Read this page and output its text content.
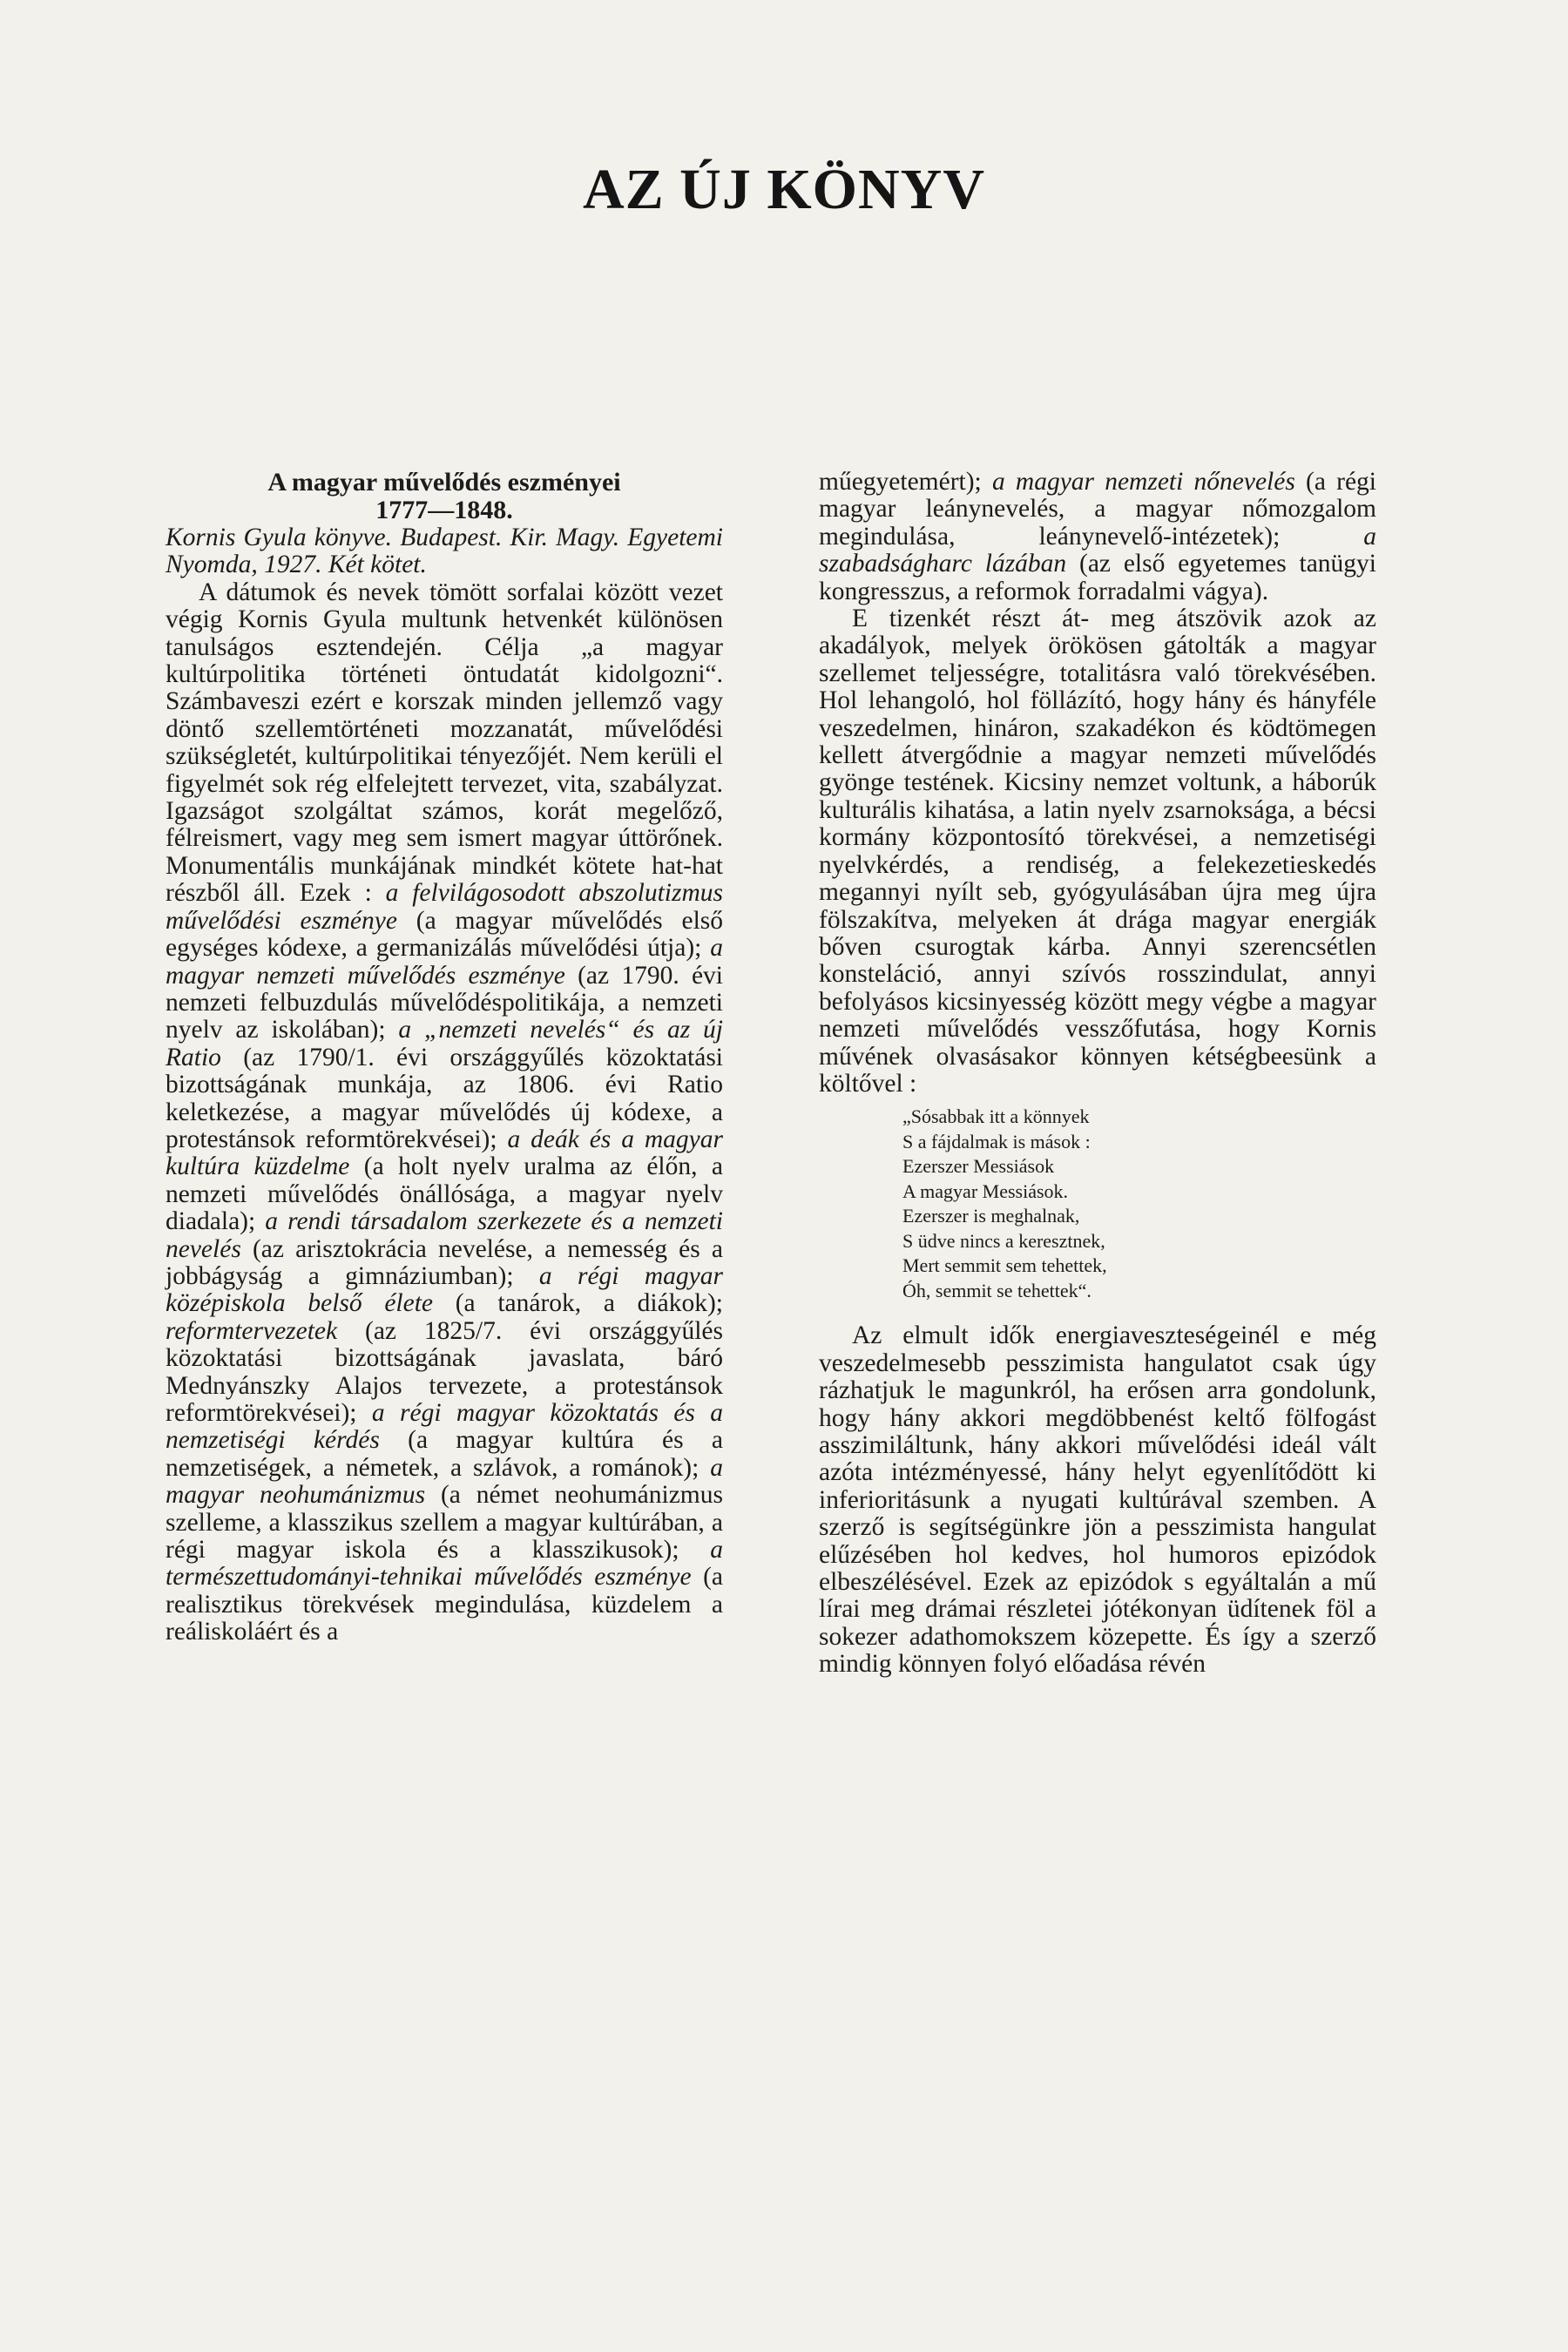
AZ ÚJ KÖNYV
A magyar művelődés eszményei
1777—1848.

Kornis Gyula könyve. Budapest. Kir. Magy. Egyetemi Nyomda, 1927. Két kötet.

A dátumok és nevek tömött sorfalai között vezet végig Kornis Gyula multunk hetvenkét különösen tanulságos esztendején. Célja „a magyar kultúrpolitika történeti öntudatát kidolgozni“. Számbaveszi ezért e korszak minden jellemző vagy döntő szellemtörténeti mozzanatát, művelődési szükségletét, kultúrpolitikai tényezőjét. Nem kerüli el figyelmét sok rég elfelejtett tervezet, vita, szabályzat. Igazságot szolgáltat számos, korát megelőző, félreismert, vagy meg sem ismert magyar úttörőnek. Monumentális munkájának mindkét kötete hat-hat részből áll. Ezek : a felvilágosodott abszolutizmus művelődési eszménye (a magyar művelődés első egységes kódexe, a germanizálás művelődési útja); a magyar nemzeti művelődés eszménye (az 1790. évi nemzeti felbuzdulás művelődéspolitikája, a nemzeti nyelv az iskolában); a „nemzeti nevelés“ és az új Ratio (az 1790/1. évi országgyűlés közoktatási bizottságának munkája, az 1806. évi Ratio keletkezése, a magyar művelődés új kódexe, a protestánsok reformtörekvései); a deák és a magyar kultúra küzdelme (a holt nyelv uralma az élőn, a nemzeti művelődés önállósága, a magyar nyelv diadala); a rendi társadalom szerkezete és a nemzeti nevelés (az arisztokrácia nevelése, a nemesség és a jobbágyság a gimnáziumban); a régi magyar középiskola belső élete (a tanárok, a diákok); reformtervezetek (az 1825/7. évi országgyűlés közoktatási bizottságának javaslata, báró Mednyánszky Alajos tervezete, a protestánsok reformtörekvései); a régi magyar közoktatás és a nemzetiségi kérdés (a magyar kultúra és a nemzetiségek, a németek, a szlávok, a románok); a magyar neohumánizmus (a német neohumánizmus szelleme, a klasszikus szellem a magyar kultúrában, a régi magyar iskola és a klasszikusok); a természettudományi-tehnikai művelődés eszménye (a realisztikus törekvések megindulása, küzdelem a reáliskoláért és a

műegyetemért); a magyar nemzeti nőnevelés (a régi magyar leánynevelés, a magyar nőmozgalom megindulása, leánynevelő-intézetek); a szabadságharc lázában (az első egyetemes tanügyi kongresszus, a reformok forradalmi vágya).

E tizenkét részt át- meg átszövik azok az akadályok, melyek örökösen gátolták a magyar szellemet teljességre, totalitásra való törekvésében. Hol lehangoló, hol föllázító, hogy hány és hányféle veszedelmen, hináron, szakadékon és ködtömegen kellett átvergődnie a magyar nemzeti művelődés gyönge testének. Kicsiny nemzet voltunk, a háborúk kulturális kihatása, a latin nyelv zsarnoksága, a bécsi kormány központosító törekvései, a nemzetiségi nyelvkérdés, a rendiség, a felekezetieskedés megannyi nyílt seb, gyógyulásában újra meg újra fölszakítva, melyeken át drága magyar energiák bőven csurogtak kárba. Annyi szerencsétlen konsteláció, annyi szívós rosszindulat, annyi befolyásos kicsinyesség között megy végbe a magyar nemzeti művelődés vesszőfutása, hogy Kornis művének olvasásakor könnyen kétségbeesünk a költővel :

„Sósabbak itt a könnyek
S a fájdalmak is mások :
Ezerszer Messiások
A magyar Messiások.
Ezerszer is meghalnak,
S üdve nincs a keresztnek,
Mert semmit sem tehettek,
Óh, semmit se tehettek“.

Az elmult idők energiaveszteségeinél e még veszedelmesebb pesszimista hangulatot csak úgy rázhatjuk le magunkról, ha erősen arra gondolunk, hogy hány akkori megdöbbenést keltő fölfogást asszimiláltunk, hány akkori művelődési ideál vált azóta intézményessé, hány helyt egyenlítődött ki inferioritásunk a nyugati kultúrával szemben. A szerző is segítségünkre jön a pesszimista hangulat elűzésében hol kedves, hol humoros epizódok elbeszélésével. Ezek az epizódok s egyáltalán a mű lírai meg drámai részletei jótékonyan üdítenek föl a sokezer adathomokszem közepette. És így a szerző mindig könnyen folyó előadása révén
